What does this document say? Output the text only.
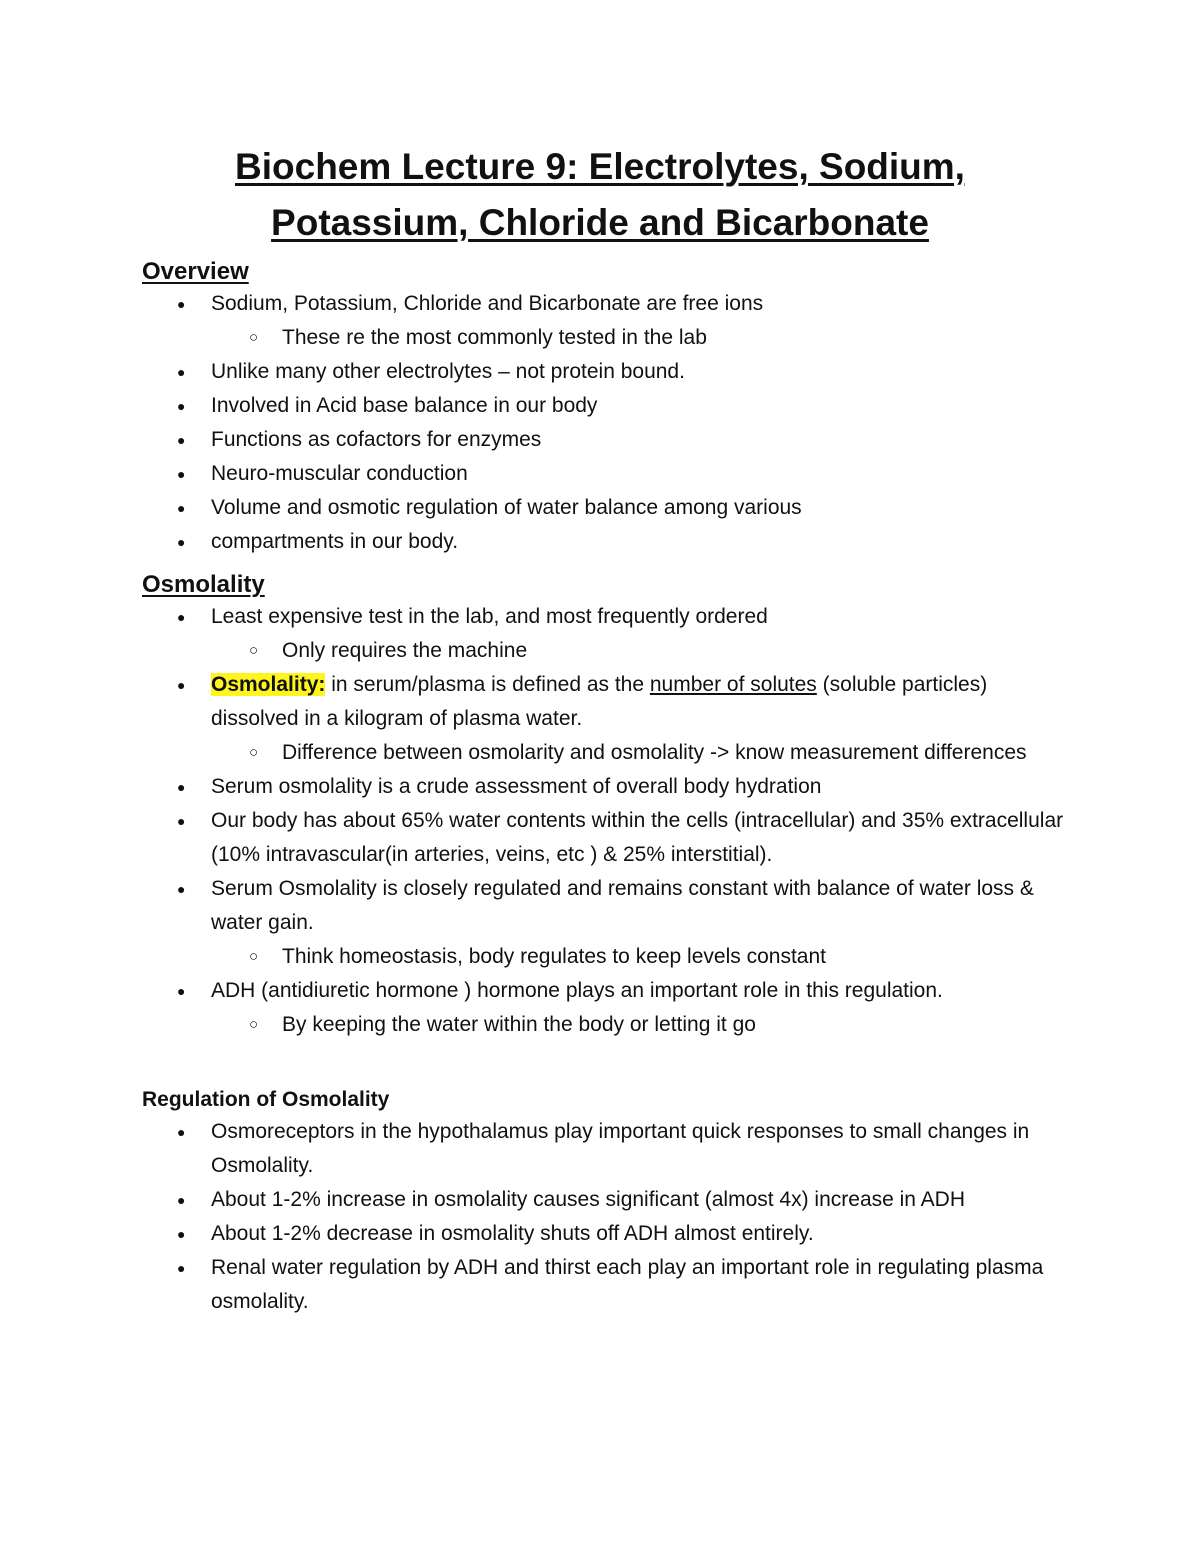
Biochem Lecture 9: Electrolytes, Sodium,
Potassium, Chloride and Bicarbonate
Overview
● Sodium, Potassium, Chloride and Bicarbonate are free ions
○ These re the most commonly tested in the lab
● Unlike many other electrolytes – not protein bound.
● Involved in Acid base balance in our body
● Functions as cofactors for enzymes
● Neuro-muscular conduction
● Volume and osmotic regulation of water balance among various
● compartments in our body.
Osmolality
● Least expensive test in the lab, and most frequently ordered
○ Only requires the machine
● Osmolality: in serum/plasma is defined as the number of solutes (soluble particles) dissolved in a kilogram of plasma water.
○ Difference between osmolarity and osmolality -> know measurement differences
● Serum osmolality is a crude assessment of overall body hydration
● Our body has about 65% water contents within the cells (intracellular) and 35% extracellular (10% intravascular(in arteries, veins, etc ) & 25% interstitial).
● Serum Osmolality is closely regulated and remains constant with balance of water loss & water gain.
○ Think homeostasis, body regulates to keep levels constant
● ADH (antidiuretic hormone ) hormone plays an important role in this regulation.
○ By keeping the water within the body or letting it go
Regulation of Osmolality
● Osmoreceptors in the hypothalamus play important quick responses to small changes in Osmolality.
● About 1-2% increase in osmolality causes significant (almost 4x) increase in ADH
● About 1-2% decrease in osmolality shuts off ADH almost entirely.
● Renal water regulation by ADH and thirst each play an important role in regulating plasma osmolality.
